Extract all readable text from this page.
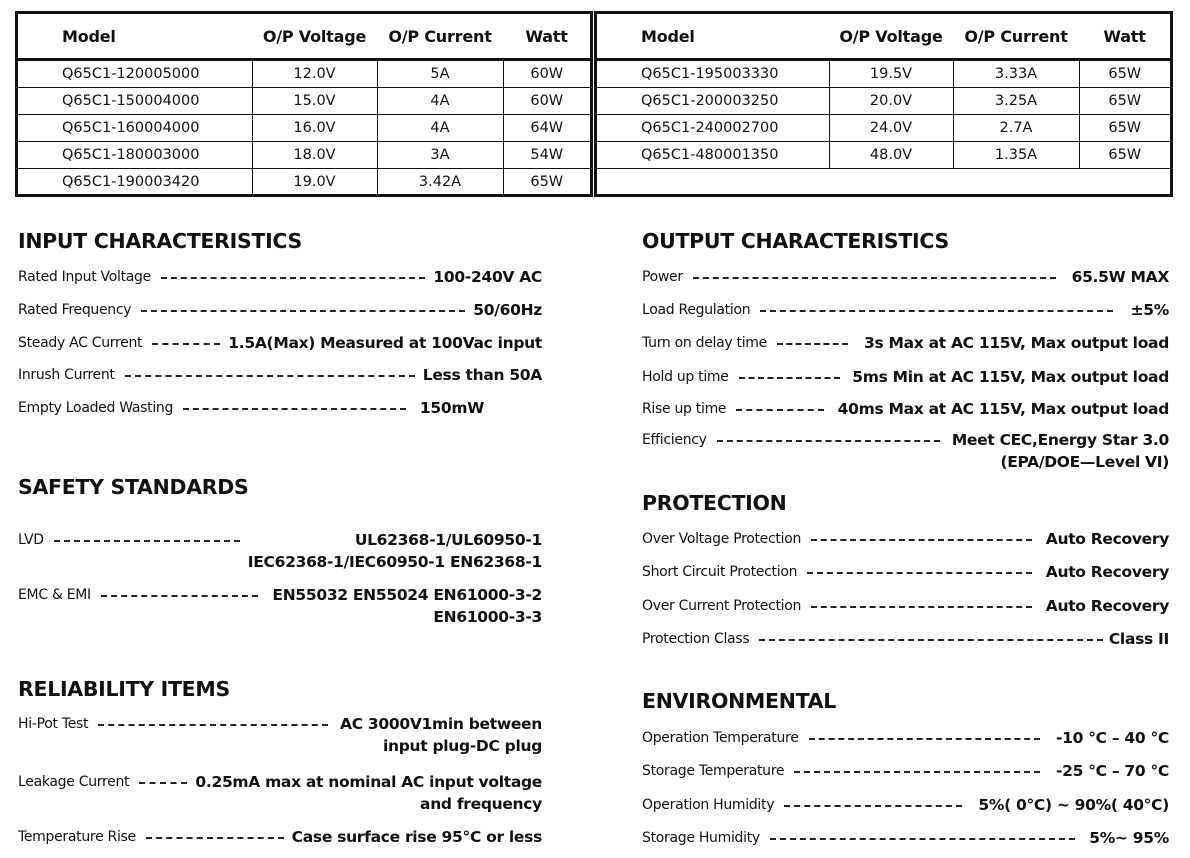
Model	O/P Voltage	O/P Current	Watt
Q65C1-120005000	12.0V	5A	60W
Q65C1-150004000	15.0V	4A	60W
Q65C1-160004000	16.0V	4A	64W
Q65C1-180003000	18.0V	3A	54W
Q65C1-190003420	19.0V	3.42A	65W
Model	O/P Voltage	O/P Current	Watt
Q65C1-195003330	19.5V	3.33A	65W
Q65C1-200003250	20.0V	3.25A	65W
Q65C1-240002700	24.0V	2.7A	65W
Q65C1-480001350	48.0V	1.35A	65W

INPUT CHARACTERISTICS
Rated Input Voltage	100-240V AC
Rated Frequency	50/60Hz
Steady AC Current	1.5A(Max) Measured at 100Vac input
Inrush Current	Less than 50A
Empty Loaded Wasting	150mW
SAFETY STANDARDS
LVD	UL62368-1/UL60950-1
IEC62368-1/IEC60950-1 EN62368-1
EMC & EMI	EN55032 EN55024 EN61000-3-2
EN61000-3-3
RELIABILITY ITEMS
Hi-Pot Test	AC 3000V1min between
input plug-DC plug
Leakage Current	0.25mA max at nominal AC input voltage
and frequency
Temperature Rise	Case surface rise 95°C or less
OUTPUT CHARACTERISTICS
Power	65.5W MAX
Load Regulation	±5%
Turn on delay time	3s Max at AC 115V, Max output load
Hold up time	5ms Min at AC 115V, Max output load
Rise up time	40ms Max at AC 115V, Max output load
Efficiency	Meet CEC,Energy Star 3.0
(EPA/DOE—Level VI)
PROTECTION
Over Voltage Protection	Auto Recovery
Short Circuit Protection	Auto Recovery
Over Current Protection	Auto Recovery
Protection Class	Class II
ENVIRONMENTAL
Operation Temperature	-10 °C – 40 °C
Storage Temperature	-25 °C – 70 °C
Operation Humidity	5%( 0°C) ~ 90%( 40°C)
Storage Humidity	5%~ 95%
